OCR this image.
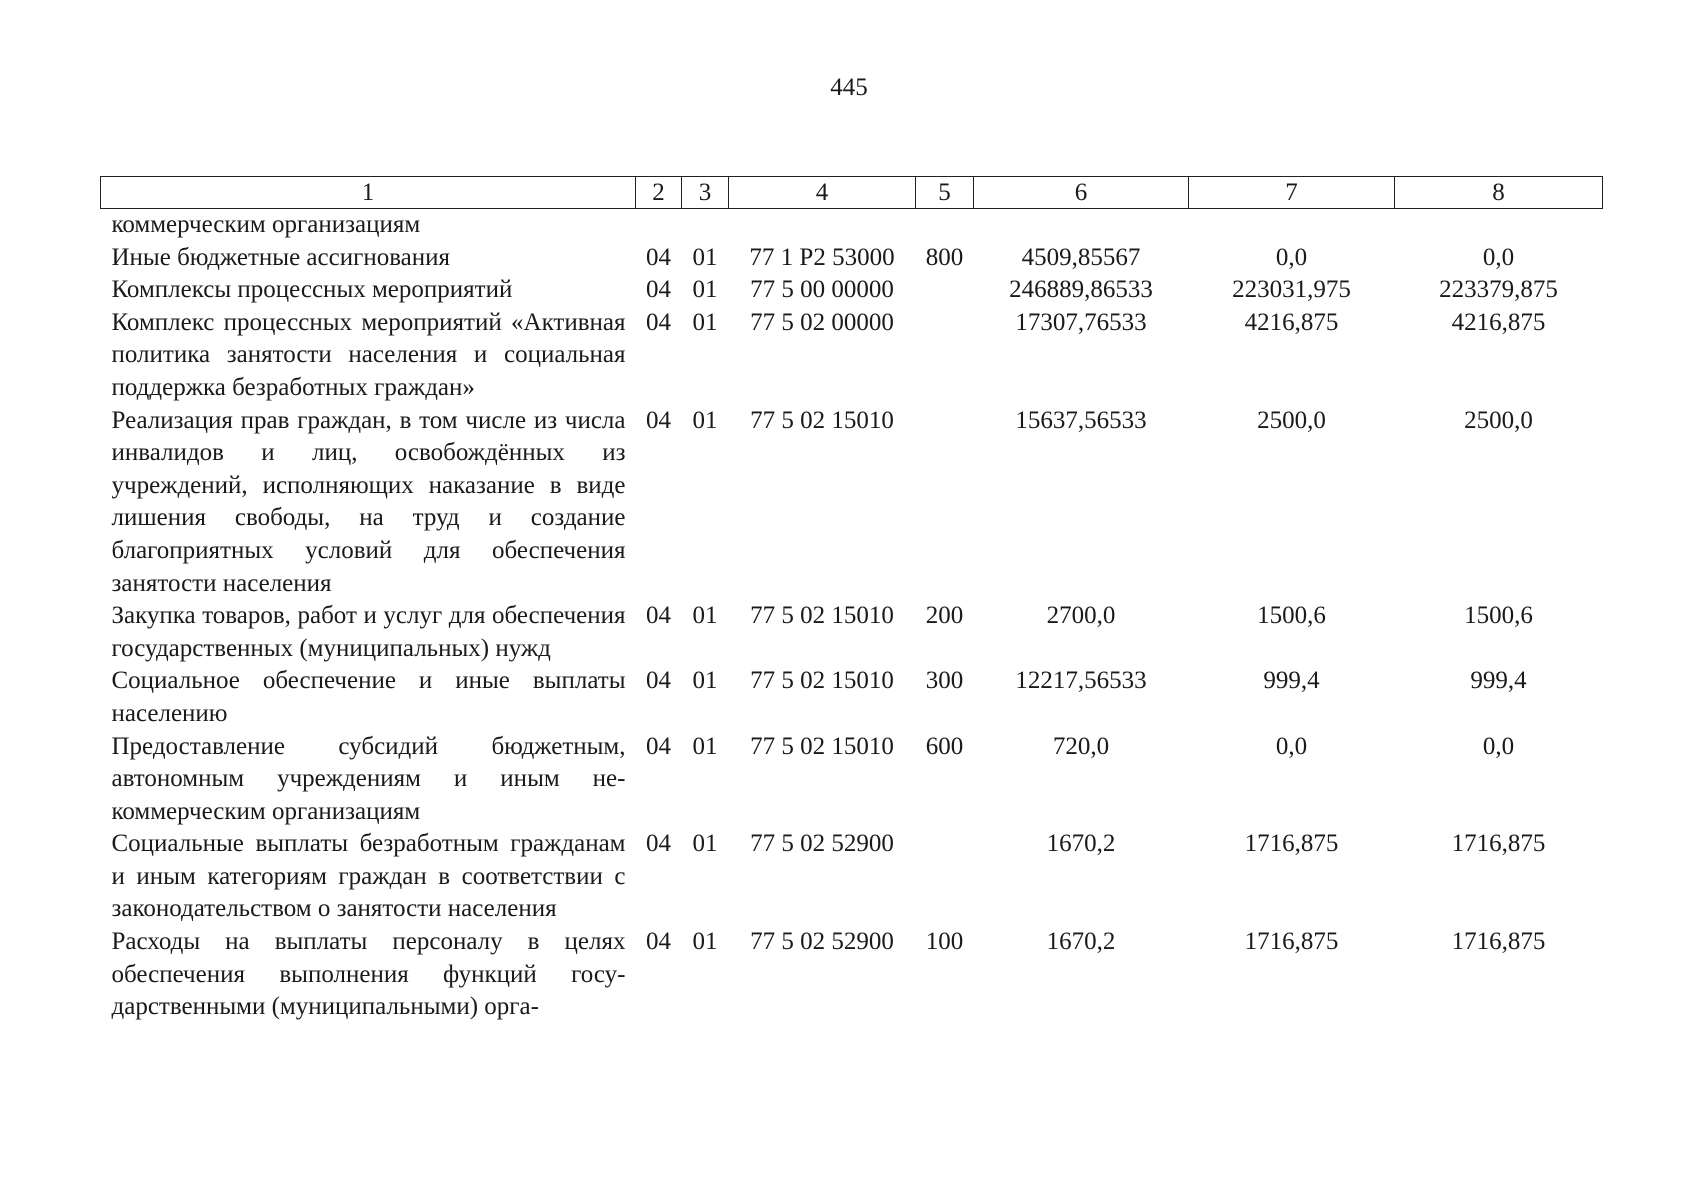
445
1	2	3	4	5	6	7	8
коммерческим организациям							
Иные бюджетные ассигнования	04	01	77 1 P2 53000	800	4509,85567	0,0	0,0
Комплексы процессных мероприятий	04	01	77 5 00 00000		246889,86533	223031,975	223379,875
Комплекс процессных мероприятий «Активная политика занятости населения и социальная поддержка безработных граждан»	04	01	77 5 02 00000		17307,76533	4216,875	4216,875
Реализация прав граждан, в том числе из числа инвалидов и лиц, освобождённых из учреждений, исполняющих наказание в виде лишения свободы, на труд и создание благоприятных условий для обеспечения занятости населения	04	01	77 5 02 15010		15637,56533	2500,0	2500,0
Закупка товаров, работ и услуг для обеспечения государственных (муниципальных) нужд	04	01	77 5 02 15010	200	2700,0	1500,6	1500,6
Социальное обеспечение и иные выплаты населению	04	01	77 5 02 15010	300	12217,56533	999,4	999,4
Предоставление субсидий бюджетным, автономным учреждениям и иным некоммерческим организациям	04	01	77 5 02 15010	600	720,0	0,0	0,0
Социальные выплаты безработным гражданам и иным категориям граждан в соответствии с законодательством о занятости населения	04	01	77 5 02 52900		1670,2	1716,875	1716,875
Расходы на выплаты персоналу в целях обеспечения выполнения функций государственными (муниципальными) орга-	04	01	77 5 02 52900	100	1670,2	1716,875	1716,875
